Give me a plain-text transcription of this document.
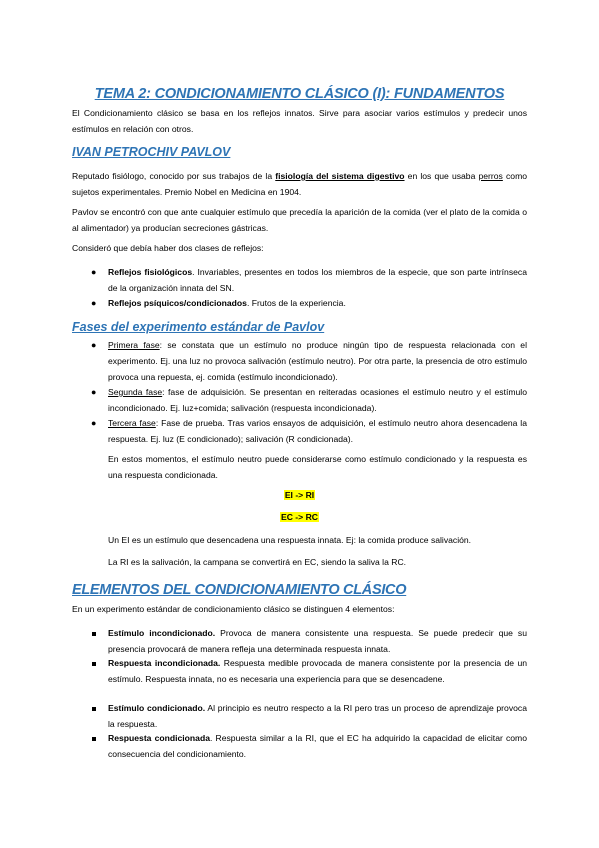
TEMA 2: CONDICIONAMIENTO CLÁSICO (I): FUNDAMENTOS
El Condicionamiento clásico se basa en los reflejos innatos. Sirve para asociar varios estímulos y predecir unos estímulos en relación con otros.
IVAN PETROCHIV PAVLOV
Reputado fisiólogo, conocido por sus trabajos de la fisiología del sistema digestivo en los que usaba perros como sujetos experimentales. Premio Nobel en Medicina en 1904.
Pavlov se encontró con que ante cualquier estímulo que precedía la aparición de la comida (ver el plato de la comida o al alimentador) ya producían secreciones gástricas.
Consideró que debía haber dos clases de reflejos:
● Reflejos fisiológicos. Invariables, presentes en todos los miembros de la especie, que son parte intrínseca de la organización innata del SN.
● Reflejos psíquicos/condicionados. Frutos de la experiencia.
Fases del experimento estándar de Pavlov
● Primera fase: se constata que un estímulo no produce ningún tipo de respuesta relacionada con el experimento. Ej. una luz no provoca salivación (estímulo neutro). Por otra parte, la presencia de otro estímulo provoca una repuesta, ej. comida (estímulo incondicionado).
● Segunda fase: fase de adquisición. Se presentan en reiteradas ocasiones el estímulo neutro y el estímulo incondicionado. Ej. luz+comida; salivación (respuesta incondicionada).
● Tercera fase: Fase de prueba. Tras varios ensayos de adquisición, el estímulo neutro ahora desencadena la respuesta. Ej. luz (E condicionado); salivación (R condicionada).
En estos momentos, el estímulo neutro puede considerarse como estímulo condicionado y la respuesta es una respuesta condicionada.
EI -> RI
EC -> RC
Un EI es un estímulo que desencadena una respuesta innata. Ej: la comida produce salivación.
La RI es la salivación, la campana se convertirá en EC, siendo la saliva la RC.
ELEMENTOS DEL CONDICIONAMIENTO CLÁSICO
En un experimento estándar de condicionamiento clásico se distinguen 4 elementos:
Estímulo incondicionado. Provoca de manera consistente una respuesta. Se puede predecir que su presencia provocará de manera refleja una determinada respuesta innata.
Respuesta incondicionada. Respuesta medible provocada de manera consistente por la presencia de un estímulo. Respuesta innata, no es necesaria una experiencia para que se desencadene.
Estímulo condicionado. Al principio es neutro respecto a la RI pero tras un proceso de aprendizaje provoca la respuesta.
Respuesta condicionada. Respuesta similar a la RI, que el EC ha adquirido la capacidad de elicitar como consecuencia del condicionamiento.
